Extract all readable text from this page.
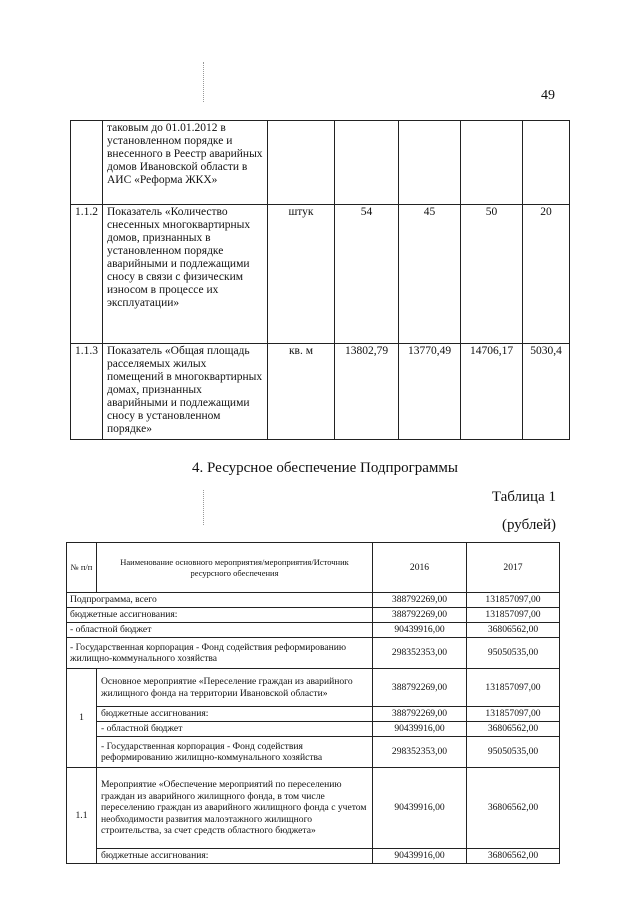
49
	таковым до 01.01.2012 в установленном порядке и внесенного в Реестр аварийных домов Ивановской области в АИС «Реформа ЖКХ»					
1.1.2	Показатель «Количество снесенных многоквартирных домов, признанных в установленном порядке аварийными и подлежащими сносу в связи с физическим износом в процессе их эксплуатации»	штук	54	45	50	20
1.1.3	Показатель «Общая площадь расселяемых жилых помещений в многоквартирных домах, признанных аварийными и подлежащими сносу в установленном порядке»	кв. м	13802,79	13770,49	14706,17	5030,4
4. Ресурсное обеспечение Подпрограммы
Таблица 1
(рублей)
№ п/п	Наименование основного мероприятия/мероприятия/Источник ресурсного обеспечения	2016	2017
Подпрограмма, всего		388792269,00	131857097,00
бюджетные ассигнования:		388792269,00	131857097,00
- областной бюджет		90439916,00	36806562,00
- Государственная корпорация - Фонд содействия реформированию жилищно-коммунального хозяйства		298352353,00	95050535,00
1	Основное мероприятие «Переселение граждан из аварийного жилищного фонда на территории Ивановской области»	388792269,00	131857097,00
	бюджетные ассигнования:	388792269,00	131857097,00
	- областной бюджет	90439916,00	36806562,00
	- Государственная корпорация - Фонд содействия реформированию жилищно-коммунального хозяйства	298352353,00	95050535,00
1.1	Мероприятие «Обеспечение мероприятий по переселению граждан из аварийного жилищного фонда, в том числе переселению граждан из аварийного жилищного фонда с учетом необходимости развития малоэтажного жилищного строительства, за счет средств областного бюджета»	90439916,00	36806562,00
	бюджетные ассигнования:	90439916,00	36806562,00
